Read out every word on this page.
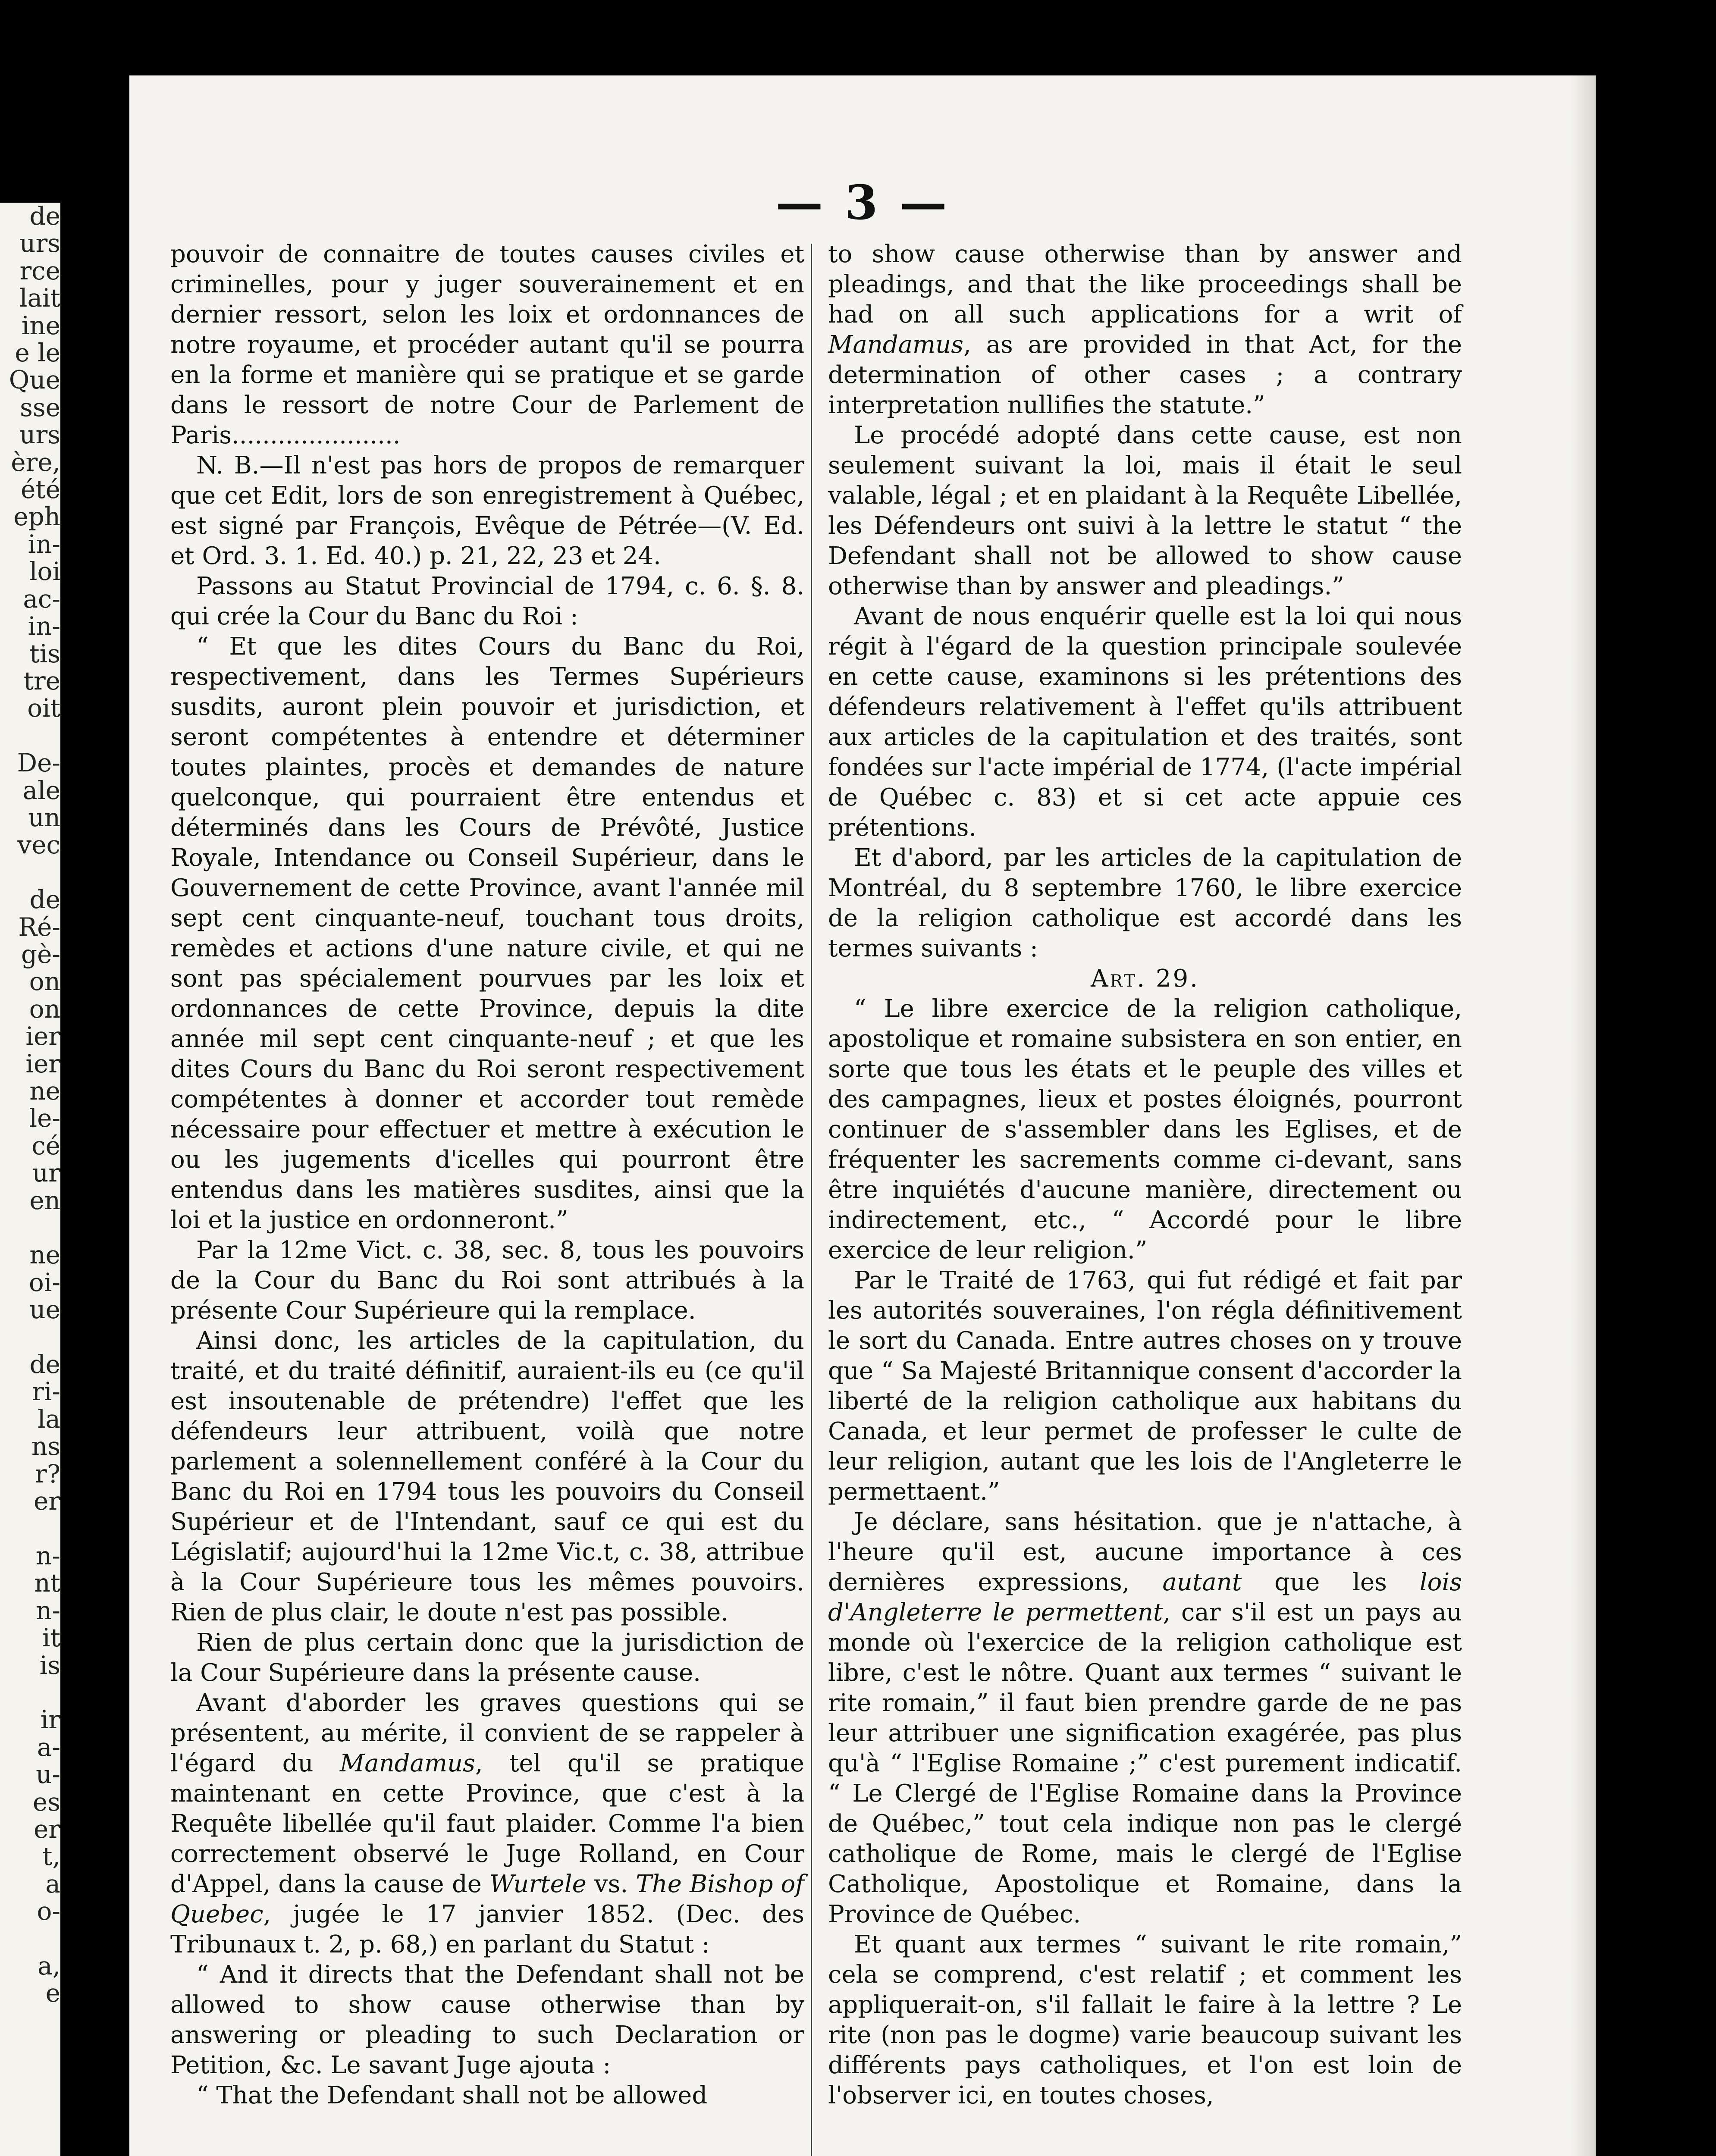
de
urs
rce
lait
ine
e le
Que
sse
urs
ère,
été
eph
in-
loi
ac-
in-
tis
tre
oit

De-
ale
un
vec

de
Ré-
gè-
on
on
ier
ier
ne
le-
cé
ur
en

ne
oi-
ue

de
ri-
la
ns
r?
er

n-
nt
n-
it
is

ir
a-
u-
es
er
t,
a
o-

a,
e
— 3 —

pouvoir de connaitre de toutes causes civiles et criminelles, pour y juger souverainement et en dernier ressort, selon les loix et ordonnances de notre royaume, et procéder autant qu'il se pourra en la forme et manière qui se pratique et se garde dans le ressort de notre Cour de Parlement de Paris......................

N. B.—Il n'est pas hors de propos de remarquer que cet Edit, lors de son enregistrement à Québec, est signé par François, Evêque de Pétrée—(V. Ed. et Ord. 3. 1. Ed. 40.) p. 21, 22, 23 et 24.

Passons au Statut Provincial de 1794, c. 6. §. 8. qui crée la Cour du Banc du Roi :

“ Et que les dites Cours du Banc du Roi, respectivement, dans les Termes Supérieurs susdits, auront plein pouvoir et jurisdiction, et seront compétentes à entendre et déterminer toutes plaintes, procès et demandes de nature quelconque, qui pourraient être entendus et déterminés dans les Cours de Prévôté, Justice Royale, Intendance ou Conseil Supérieur, dans le Gouvernement de cette Province, avant l'année mil sept cent cinquante-neuf, touchant tous droits, remèdes et actions d'une nature civile, et qui ne sont pas spécialement pourvues par les loix et ordonnances de cette Province, depuis la dite année mil sept cent cinquante-neuf ; et que les dites Cours du Banc du Roi seront respectivement compétentes à donner et accorder tout remède nécessaire pour effectuer et mettre à exécution le ou les jugements d'icelles qui pourront être entendus dans les matières susdites, ainsi que la loi et la justice en ordonneront.”

Par la 12me Vict. c. 38, sec. 8, tous les pouvoirs de la Cour du Banc du Roi sont attribués à la présente Cour Supérieure qui la remplace.

Ainsi donc, les articles de la capitulation, du traité, et du traité définitif, auraient-ils eu (ce qu'il est insoutenable de prétendre) l'effet que les défendeurs leur attribuent, voilà que notre parlement a solennellement conféré à la Cour du Banc du Roi en 1794 tous les pouvoirs du Conseil Supérieur et de l'Intendant, sauf ce qui est du Législatif; aujourd'hui la 12me Vic.t, c. 38, attribue à la Cour Supérieure tous les mêmes pouvoirs. Rien de plus clair, le doute n'est pas possible.

Rien de plus certain donc que la jurisdiction de la Cour Supérieure dans la présente cause.

Avant d'aborder les graves questions qui se présentent, au mérite, il convient de se rappeler à l'égard du Mandamus, tel qu'il se pratique maintenant en cette Province, que c'est à la Requête libellée qu'il faut plaider. Comme l'a bien correctement observé le Juge Rolland, en Cour d'Appel, dans la cause de Wurtele vs. The Bishop of Quebec, jugée le 17 janvier 1852. (Dec. des Tribunaux t. 2, p. 68,) en parlant du Statut :

“ And it directs that the Defendant shall not be allowed to show cause otherwise than by answering or pleading to such Declaration or Petition, &c. Le savant Juge ajouta :

“ That the Defendant shall not be allowed

to show cause otherwise than by answer and pleadings, and that the like proceedings shall be had on all such applications for a writ of Mandamus, as are provided in that Act, for the determination of other cases ; a contrary interpretation nullifies the statute.”

Le procédé adopté dans cette cause, est non seulement suivant la loi, mais il était le seul valable, légal ; et en plaidant à la Requête Libellée, les Défendeurs ont suivi à la lettre le statut “ the Defendant shall not be allowed to show cause otherwise than by answer and pleadings.”

Avant de nous enquérir quelle est la loi qui nous régit à l'égard de la question principale soulevée en cette cause, examinons si les prétentions des défendeurs relativement à l'effet qu'ils attribuent aux articles de la capitulation et des traités, sont fondées sur l'acte impérial de 1774, (l'acte impérial de Québec c. 83) et si cet acte appuie ces prétentions.

Et d'abord, par les articles de la capitulation de Montréal, du 8 septembre 1760, le libre exercice de la religion catholique est accordé dans les termes suivants :

Art. 29.

“ Le libre exercice de la religion catholique, apostolique et romaine subsistera en son entier, en sorte que tous les états et le peuple des villes et des campagnes, lieux et postes éloignés, pourront continuer de s'assembler dans les Eglises, et de fréquenter les sacrements comme ci-devant, sans être inquiétés d'aucune manière, directement ou indirectement, etc., “ Accordé pour le libre exercice de leur religion.”

Par le Traité de 1763, qui fut rédigé et fait par les autorités souveraines, l'on régla définitivement le sort du Canada. Entre autres choses on y trouve que “ Sa Majesté Britannique consent d'accorder la liberté de la religion catholique aux habitans du Canada, et leur permet de professer le culte de leur religion, autant que les lois de l'Angleterre le permettaent.”

Je déclare, sans hésitation. que je n'attache, à l'heure qu'il est, aucune importance à ces dernières expressions, autant que les lois d'Angleterre le permettent, car s'il est un pays au monde où l'exercice de la religion catholique est libre, c'est le nôtre. Quant aux termes “ suivant le rite romain,” il faut bien prendre garde de ne pas leur attribuer une signification exagérée, pas plus qu'à “ l'Eglise Romaine ;” c'est purement indicatif. “ Le Clergé de l'Eglise Romaine dans la Province de Québec,” tout cela indique non pas le clergé catholique de Rome, mais le clergé de l'Eglise Catholique, Apostolique et Romaine, dans la Province de Québec.

Et quant aux termes “ suivant le rite romain,” cela se comprend, c'est relatif ; et comment les appliquerait-on, s'il fallait le faire à la lettre ? Le rite (non pas le dogme) varie beaucoup suivant les différents pays catholiques, et l'on est loin de l'observer ici, en toutes choses,
